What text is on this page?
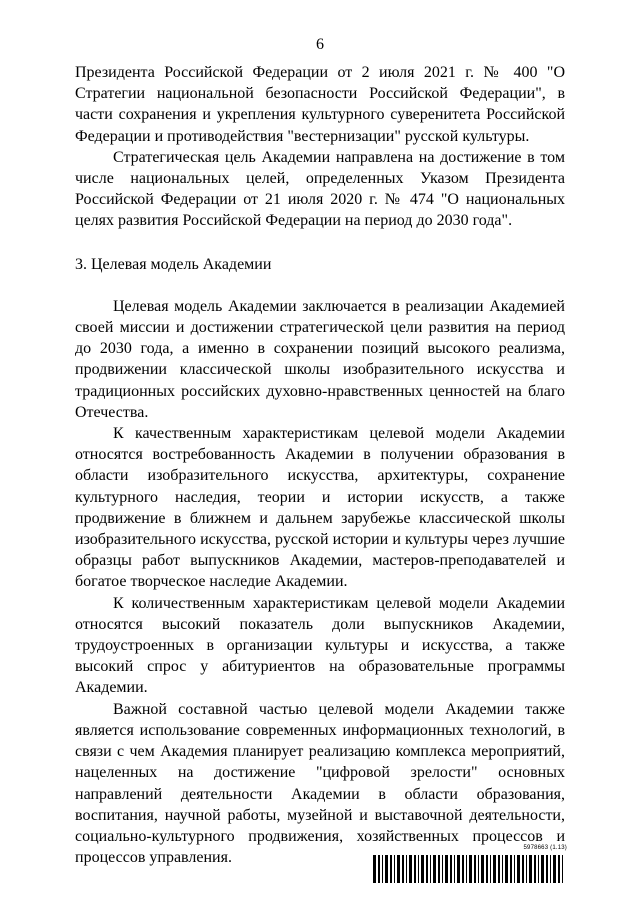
6

Президента Российской Федерации от 2 июля 2021 г. № 400 "О Стратегии национальной безопасности Российской Федерации", в части сохранения и укрепления культурного суверенитета Российской Федерации и противодействия "вестернизации" русской культуры.

Стратегическая цель Академии направлена на достижение в том числе национальных целей, определенных Указом Президента Российской Федерации от 21 июля 2020 г. № 474 "О национальных целях развития Российской Федерации на период до 2030 года".

3. Целевая модель Академии

Целевая модель Академии заключается в реализации Академией своей миссии и достижении стратегической цели развития на период до 2030 года, а именно в сохранении позиций высокого реализма, продвижении классической школы изобразительного искусства и традиционных российских духовно-нравственных ценностей на благо Отечества.

К качественным характеристикам целевой модели Академии относятся востребованность Академии в получении образования в области изобразительного искусства, архитектуры, сохранение культурного наследия, теории и истории искусств, а также продвижение в ближнем и дальнем зарубежье классической школы изобразительного искусства, русской истории и культуры через лучшие образцы работ выпускников Академии, мастеров-преподавателей и богатое творческое наследие Академии.

К количественным характеристикам целевой модели Академии относятся высокий показатель доли выпускников Академии, трудоустроенных в организации культуры и искусства, а также высокий спрос у абитуриентов на образовательные программы Академии.

Важной составной частью целевой модели Академии также является использование современных информационных технологий, в связи с чем Академия планирует реализацию комплекса мероприятий, нацеленных на достижение "цифровой зрелости" основных направлений деятельности Академии в области образования, воспитания, научной работы, музейной и выставочной деятельности, социально-культурного продвижения, хозяйственных процессов и процессов управления.

5978663 (1.13)
